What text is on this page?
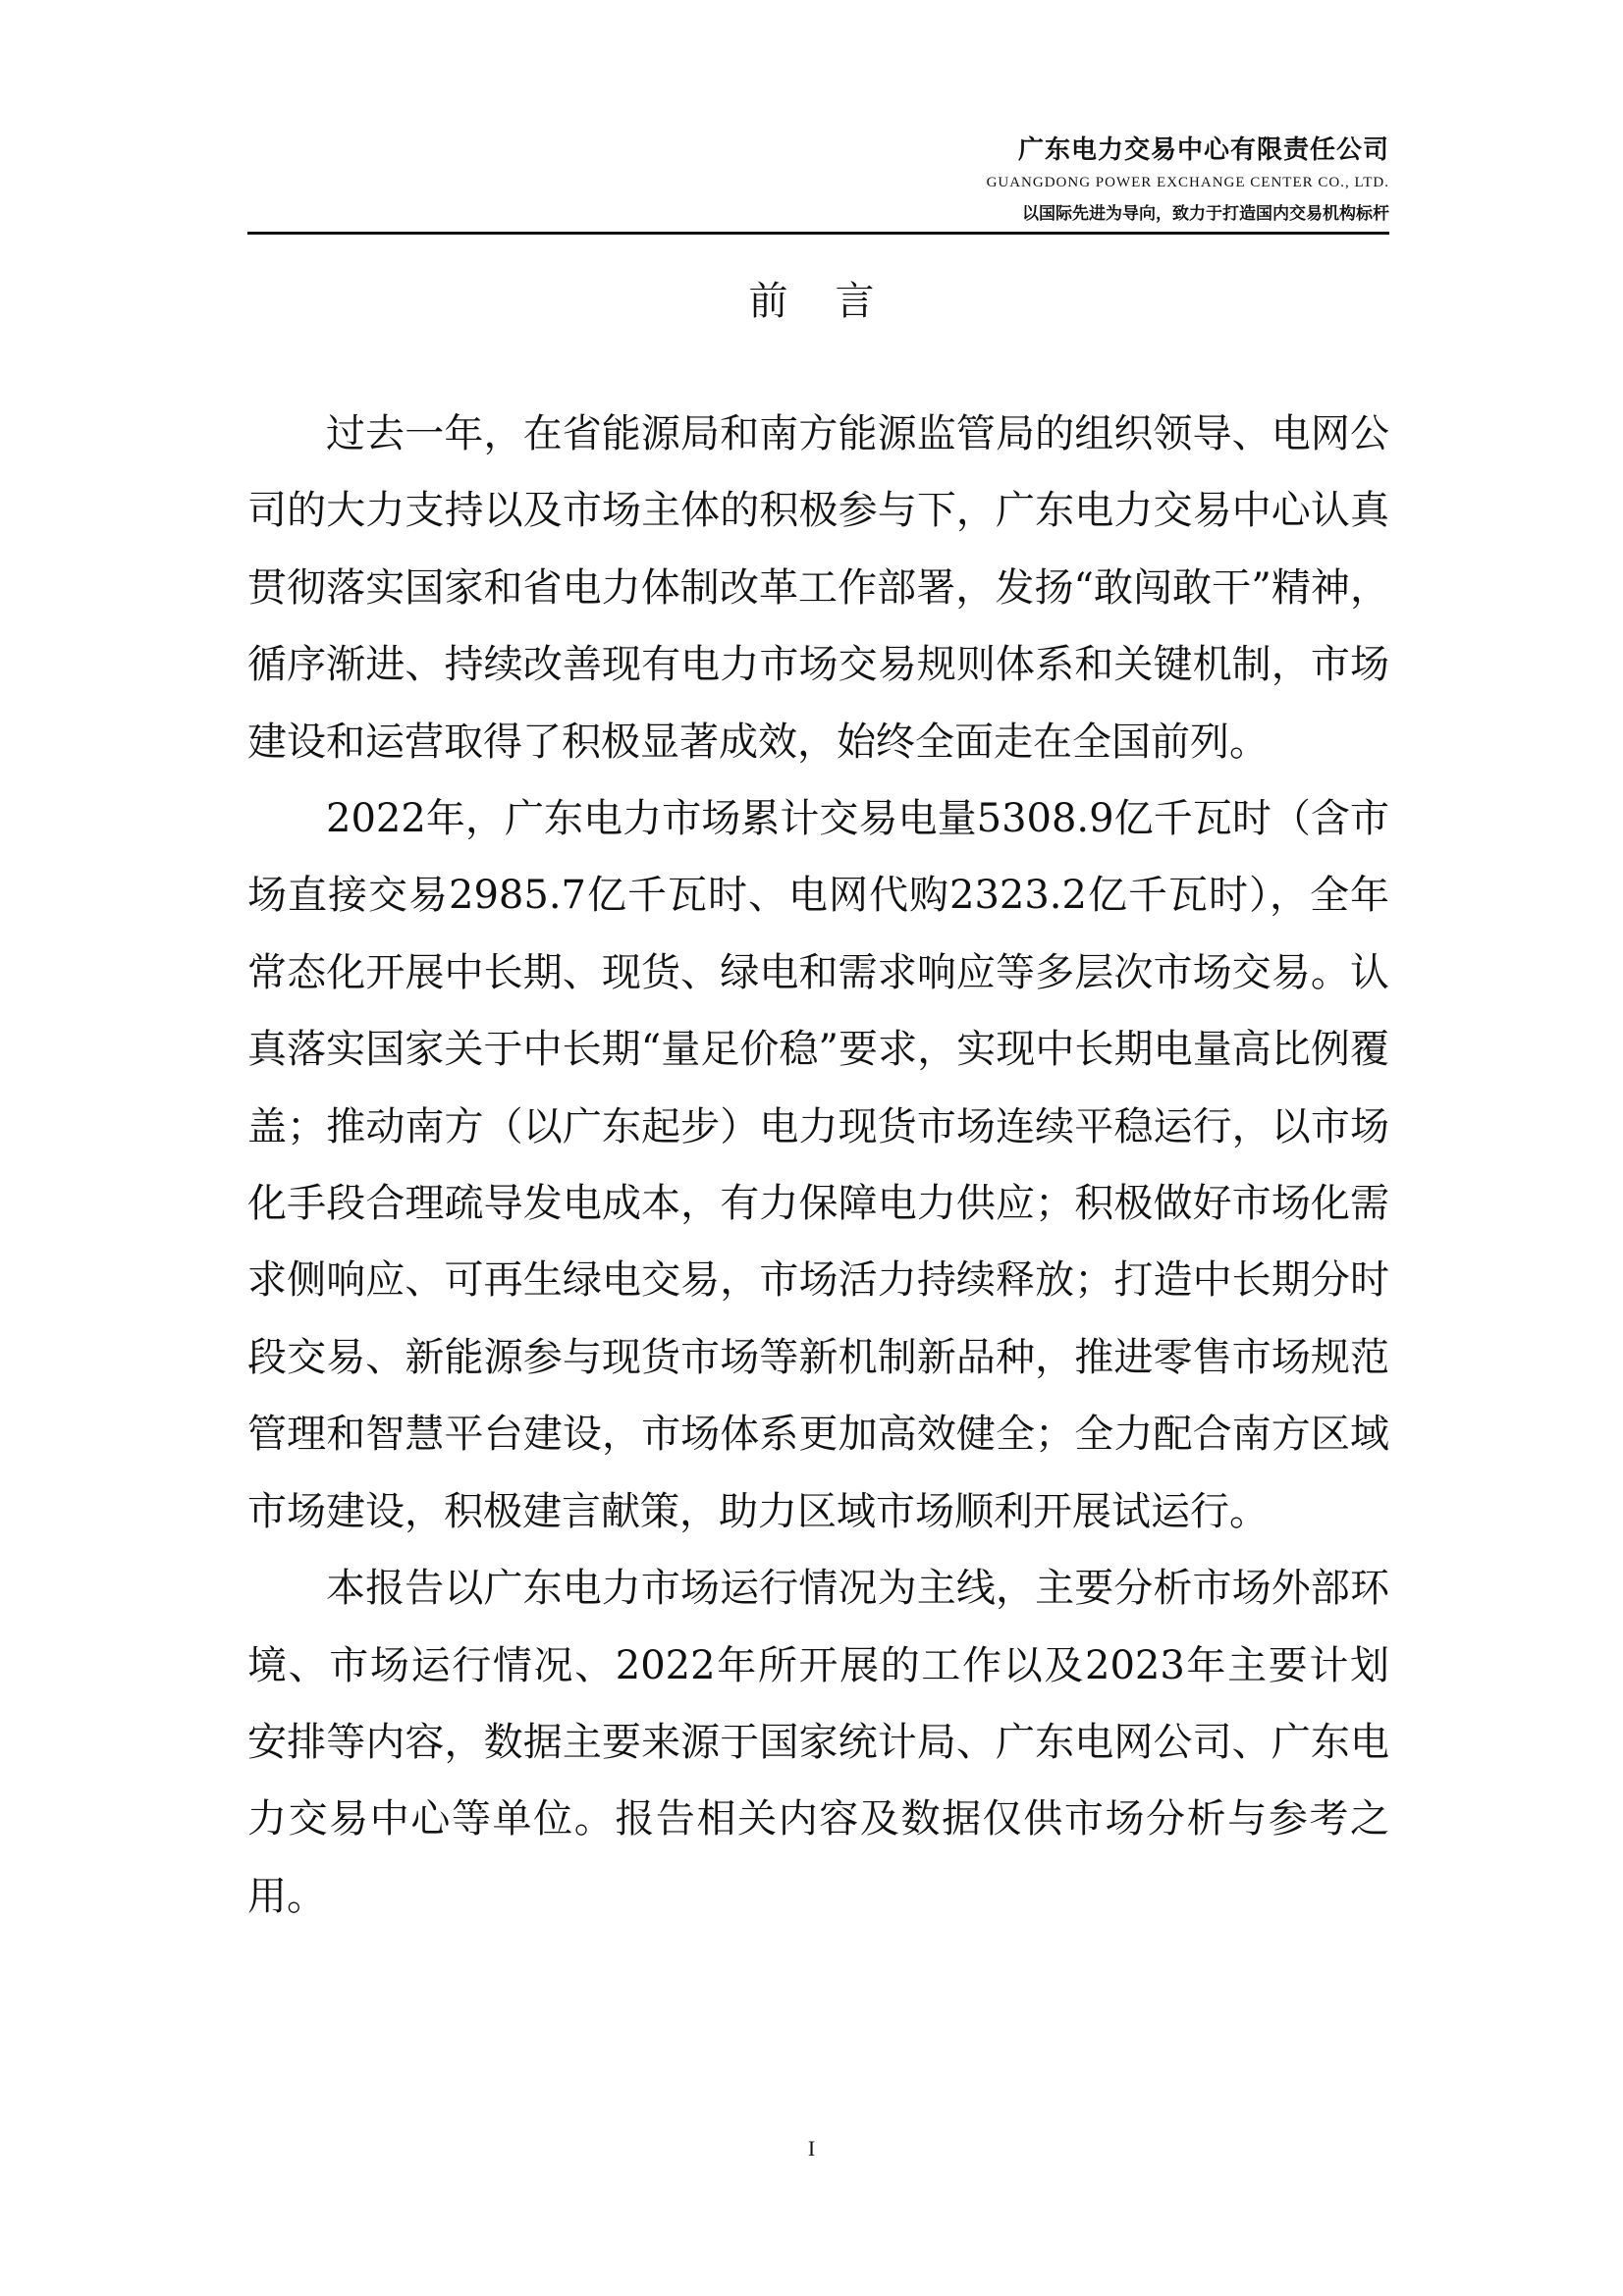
广东电力交易中心有限责任公司
GUANGDONG POWER EXCHANGE CENTER CO., LTD.
以国际先进为导向，致力于打造国内交易机构标杆
前言

过去一年，在省能源局和南方能源监管局的组织领导、电网公司的大力支持以及市场主体的积极参与下，广东电力交易中心认真贯彻落实国家和省电力体制改革工作部署，发扬“敢闯敢干”精神，循序渐进、持续改善现有电力市场交易规则体系和关键机制，市场建设和运营取得了积极显著成效，始终全面走在全国前列。

2022年，广东电力市场累计交易电量5308.9亿千瓦时（含市场直接交易2985.7亿千瓦时、电网代购2323.2亿千瓦时），全年常态化开展中长期、现货、绿电和需求响应等多层次市场交易。认真落实国家关于中长期“量足价稳”要求，实现中长期电量高比例覆盖；推动南方（以广东起步）电力现货市场连续平稳运行，以市场化手段合理疏导发电成本，有力保障电力供应；积极做好市场化需求侧响应、可再生绿电交易，市场活力持续释放；打造中长期分时段交易、新能源参与现货市场等新机制新品种，推进零售市场规范管理和智慧平台建设，市场体系更加高效健全；全力配合南方区域市场建设，积极建言献策，助力区域市场顺利开展试运行。

本报告以广东电力市场运行情况为主线，主要分析市场外部环境、市场运行情况、2022年所开展的工作以及2023年主要计划安排等内容，数据主要来源于国家统计局、广东电网公司、广东电力交易中心等单位。报告相关内容及数据仅供市场分析与参考之用。

I
